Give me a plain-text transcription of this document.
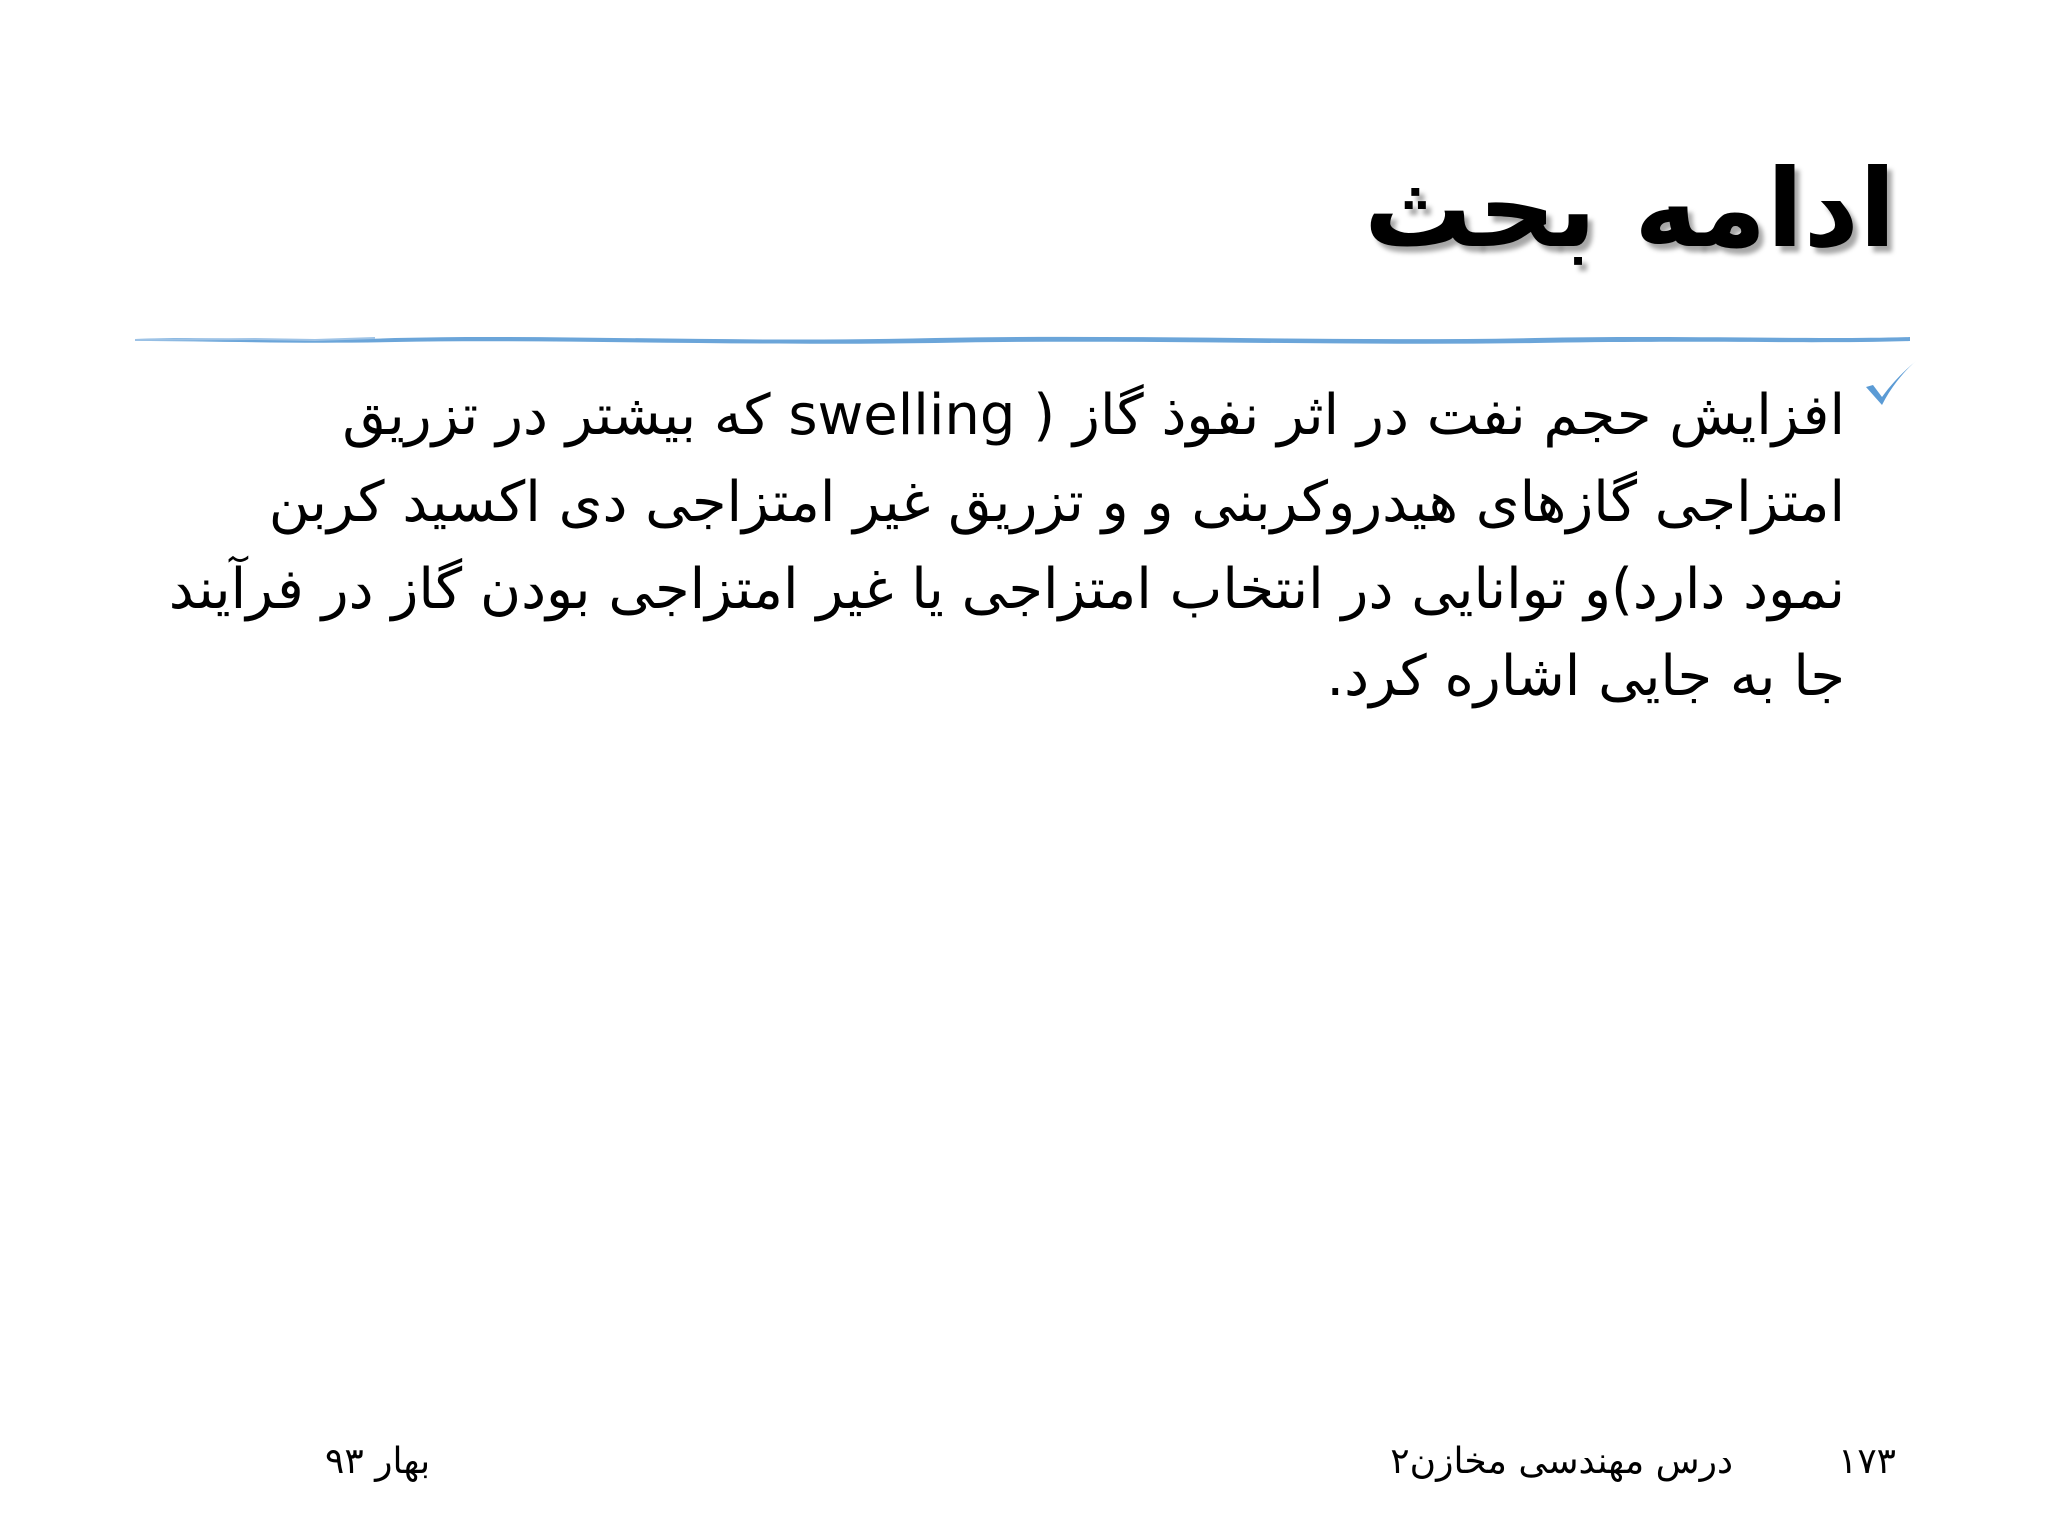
ادامه بحث
افزایش حجم نفت در اثر نفوذ گاز ( swelling که بیشتر در تزریق امتزاجی گازهای هیدروکربنی و و تزریق غیر امتزاجی دی اکسید کربن نمود دارد)و توانایی در انتخاب امتزاجی یا غیر امتزاجی بودن گاز در فرآیند جا به جایی اشاره کرد.
بهار ۹۳	درس مهندسی مخازن۲	۱۷۳
